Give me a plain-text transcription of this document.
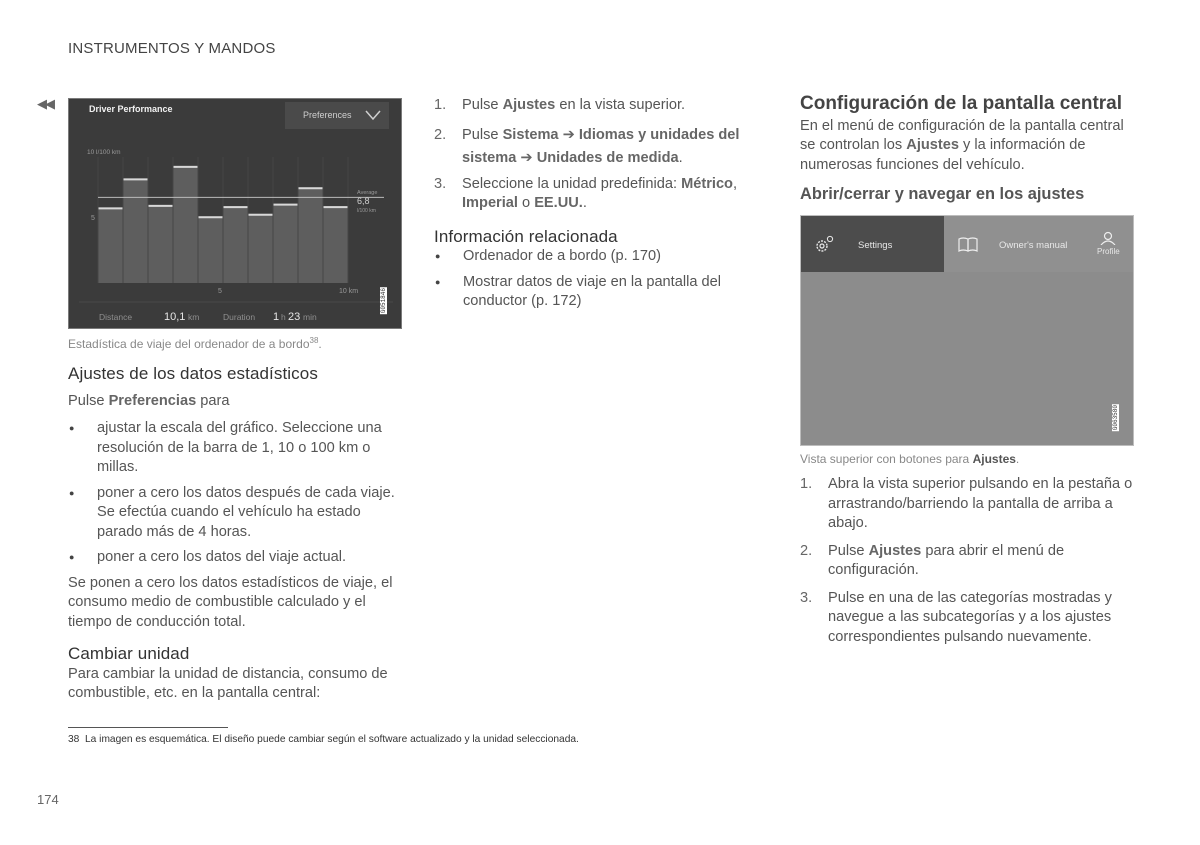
INSTRUMENTOS Y MANDOS
◀◀	Driver Performance
Preferences
10 l/100 km
5
5	10 km
Average
6,8
l/100 km
Distance	10,1 km	Duration 1 h 23 min
G051846
Estadística de viaje del ordenador de a bordo$^{38}$.
Ajustes de los datos estadísticos

Pulse Preferencias para

● ajustar la escala del gráfico. Seleccione una resolución de la barra de 1, 10 o 100 km o millas.
● poner a cero los datos después de cada viaje. Se efectúa cuando el vehículo ha estado parado más de 4 horas.
● poner a cero los datos del viaje actual.

Se ponen a cero los datos estadísticos de viaje, el consumo medio de combustible calculado y el tiempo de conducción total.

Cambiar unidad

Para cambiar la unidad de distancia, consumo de combustible, etc. en la pantalla central:

1. Pulse Ajustes en la vista superior.
2. Pulse Sistema ➔ Idiomas y unidades del sistema ➔ Unidades de medida.
3. Seleccione la unidad predefinida: Métrico, Imperial o EE.UU..
Información relacionada
● Ordenador de a bordo (p. 170)
● Mostrar datos de viaje en la pantalla del conductor (p. 172)
Configuración de la pantalla central

En el menú de configuración de la pantalla central se controlan los Ajustes y la información de numerosas funciones del vehículo.

Abrir/cerrar y navegar en los ajustes
Settings	Owner's manual
Profile
G063580
Vista superior con botones para Ajustes.
1. Abra la vista superior pulsando en la pestaña o arrastrando/barriendo la pantalla de arriba a abajo.
2. Pulse Ajustes para abrir el menú de configuración.
3. Pulse en una de las categorías mostradas y navegue a las subcategorías y a los ajustes correspondientes pulsando nuevamente.
38 La imagen es esquemática. El diseño puede cambiar según el software actualizado y la unidad seleccionada.
174
